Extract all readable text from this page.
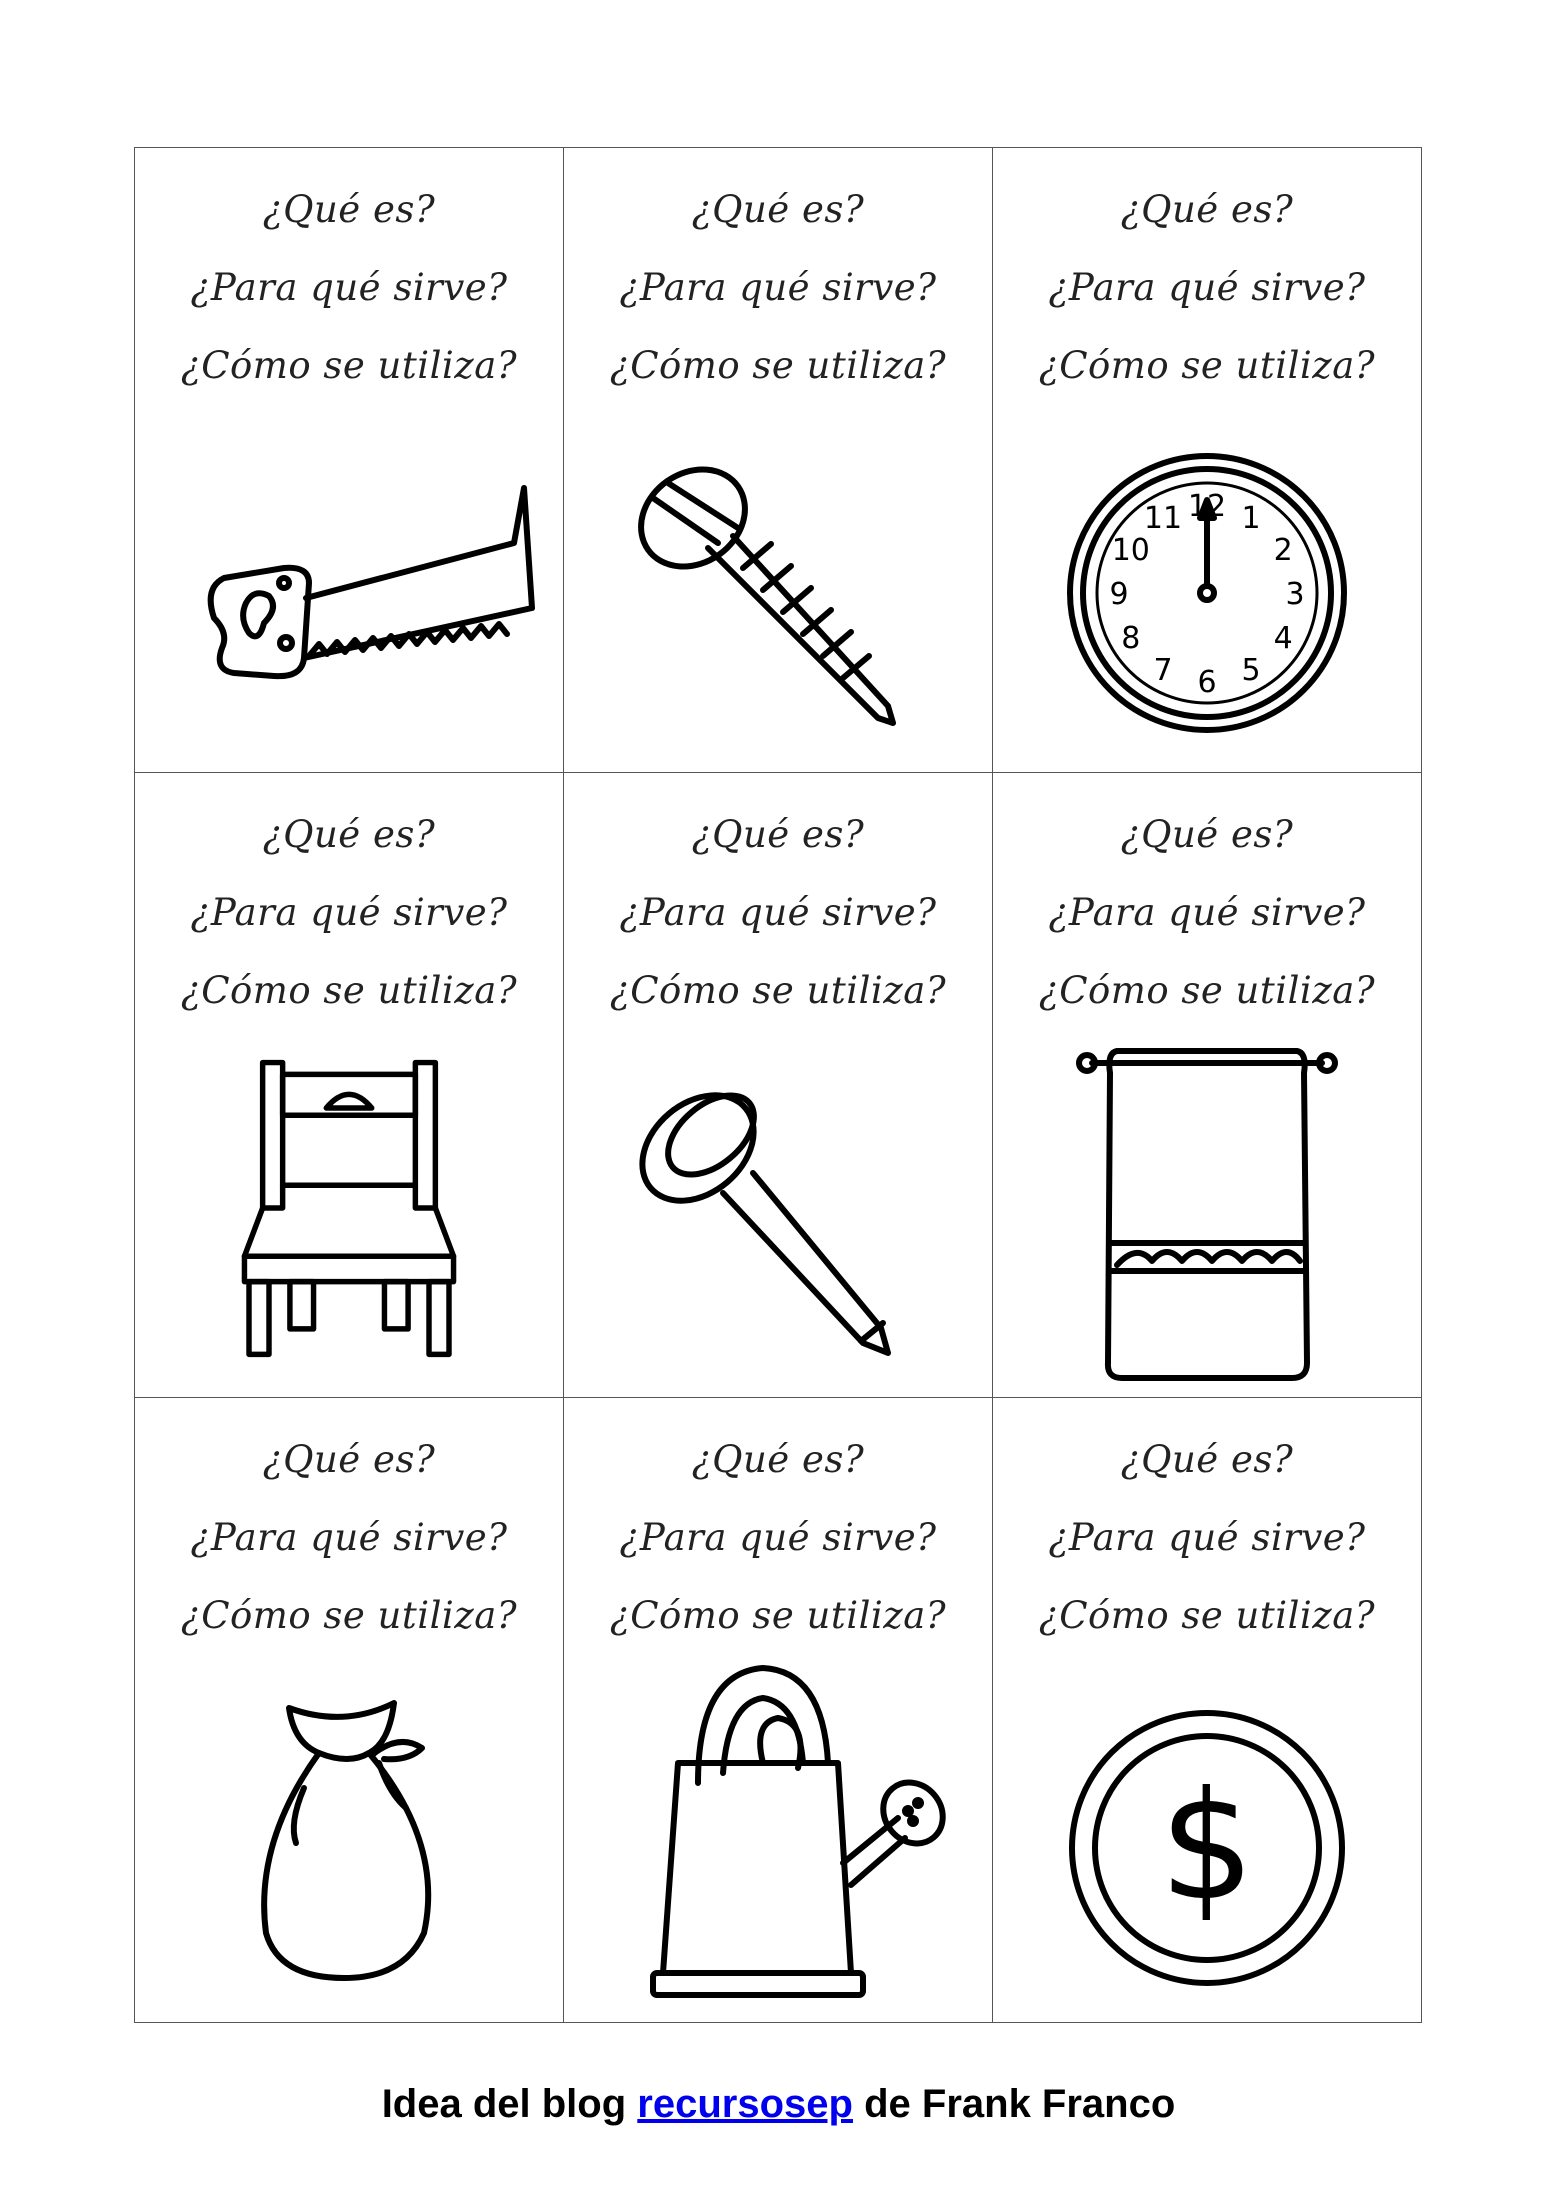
¿Qué es?
¿Para qué sirve?
¿Cómo se utiliza?
¿Qué es?
¿Para qué sirve?
¿Cómo se utiliza?
¿Qué es?
¿Para qué sirve?
¿Cómo se utiliza?
12 1
2
3
4
5
6
7
8
9
10
11
¿Qué es?
¿Para qué sirve?
¿Cómo se utiliza?
¿Qué es?
¿Para qué sirve?
¿Cómo se utiliza?
¿Qué es?
¿Para qué sirve?
¿Cómo se utiliza?
¿Qué es?
¿Para qué sirve?
¿Cómo se utiliza?
¿Qué es?
¿Para qué sirve?
¿Cómo se utiliza?
¿Qué es?
¿Para qué sirve?
¿Cómo se utiliza?
$
Idea del blog recursosep de Frank Franco
